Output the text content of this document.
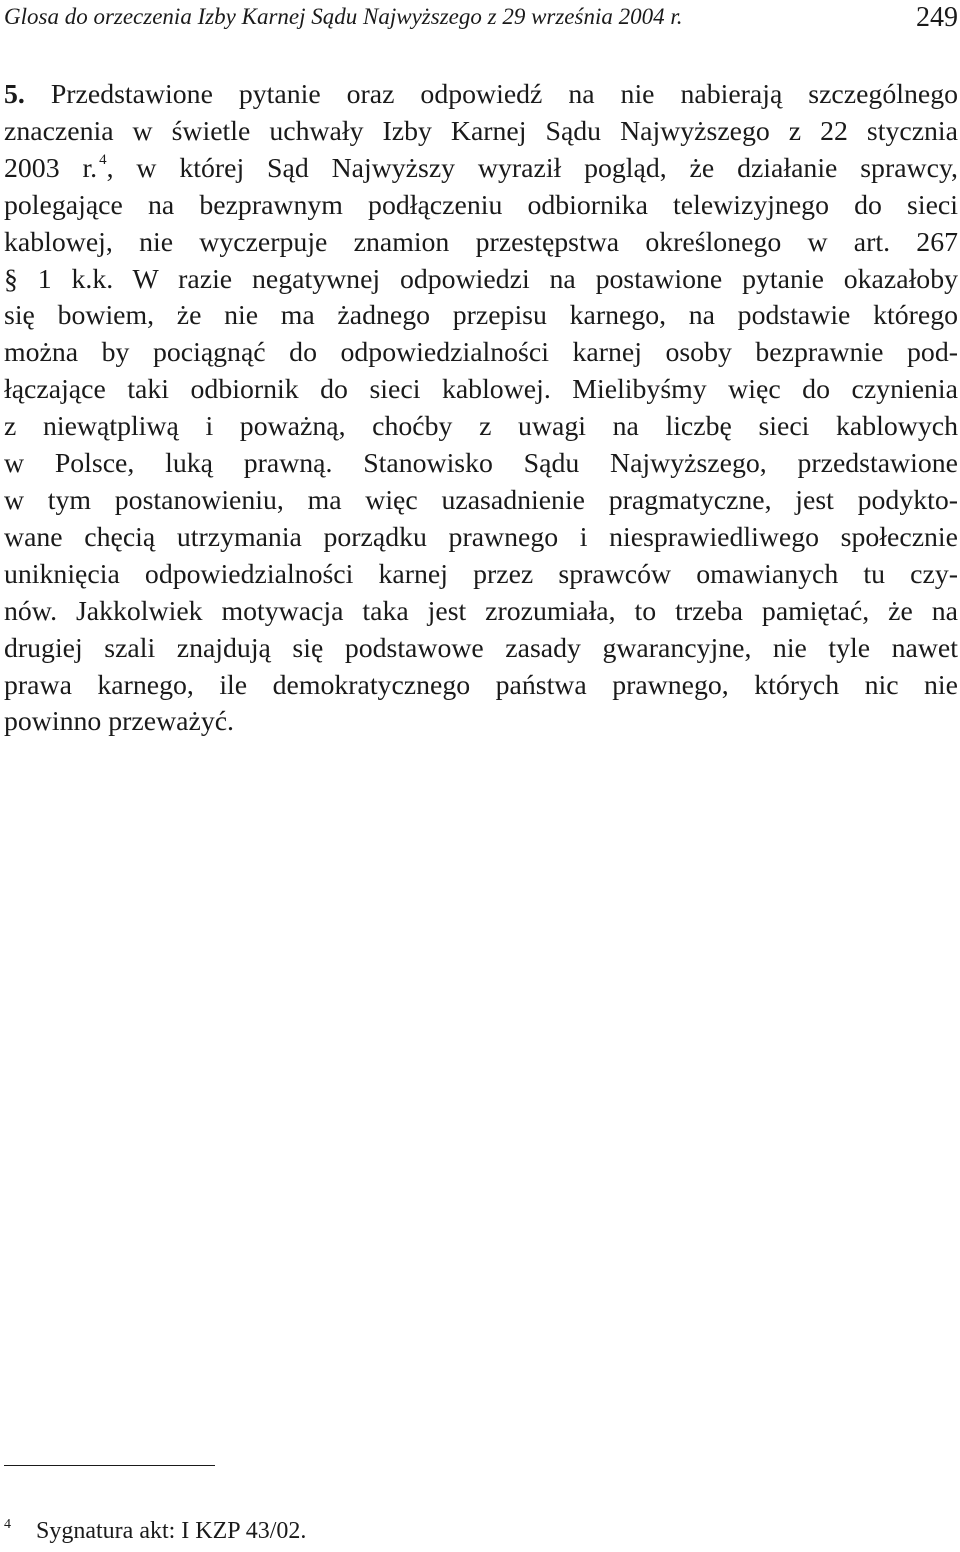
Glosa do orzeczenia Izby Karnej Sądu Najwyższego z 29 września 2004 r.	249
5. Przedstawione pytanie oraz odpowiedź na nie nabierają szczególnego
znaczenia w świetle uchwały Izby Karnej Sądu Najwyższego z 22 stycznia
2003 r. $^4$, w której Sąd Najwyższy wyraził pogląd, że działanie sprawcy,
polegające na bezprawnym podłączeniu odbiornika telewizyjnego do sieci
kablowej, nie wyczerpuje znamion przestępstwa określonego w art. 267
§ 1 k.k. W razie negatywnej odpowiedzi na postawione pytanie okazałoby
się bowiem, że nie ma żadnego przepisu karnego, na podstawie którego
można by pociągnąć do odpowiedzialności karnej osoby bezprawnie pod-
łączające taki odbiornik do sieci kablowej. Mielibyśmy więc do czynienia
z niewątpliwą i poważną, choćby z uwagi na liczbę sieci kablowych
w Polsce, luką prawną. Stanowisko Sądu Najwyższego, przedstawione
w tym postanowieniu, ma więc uzasadnienie pragmatyczne, jest podykto-
wane chęcią utrzymania porządku prawnego i niesprawiedliwego społecznie
uniknięcia odpowiedzialności karnej przez sprawców omawianych tu czy-
nów. Jakkolwiek motywacja taka jest zrozumiała, to trzeba pamiętać, że na
drugiej szali znajdują się podstawowe zasady gwarancyjne, nie tyle nawet
prawa karnego, ile demokratycznego państwa prawnego, których nic nie
powinno przeważyć.
4 Sygnatura akt: I KZP 43/02.
